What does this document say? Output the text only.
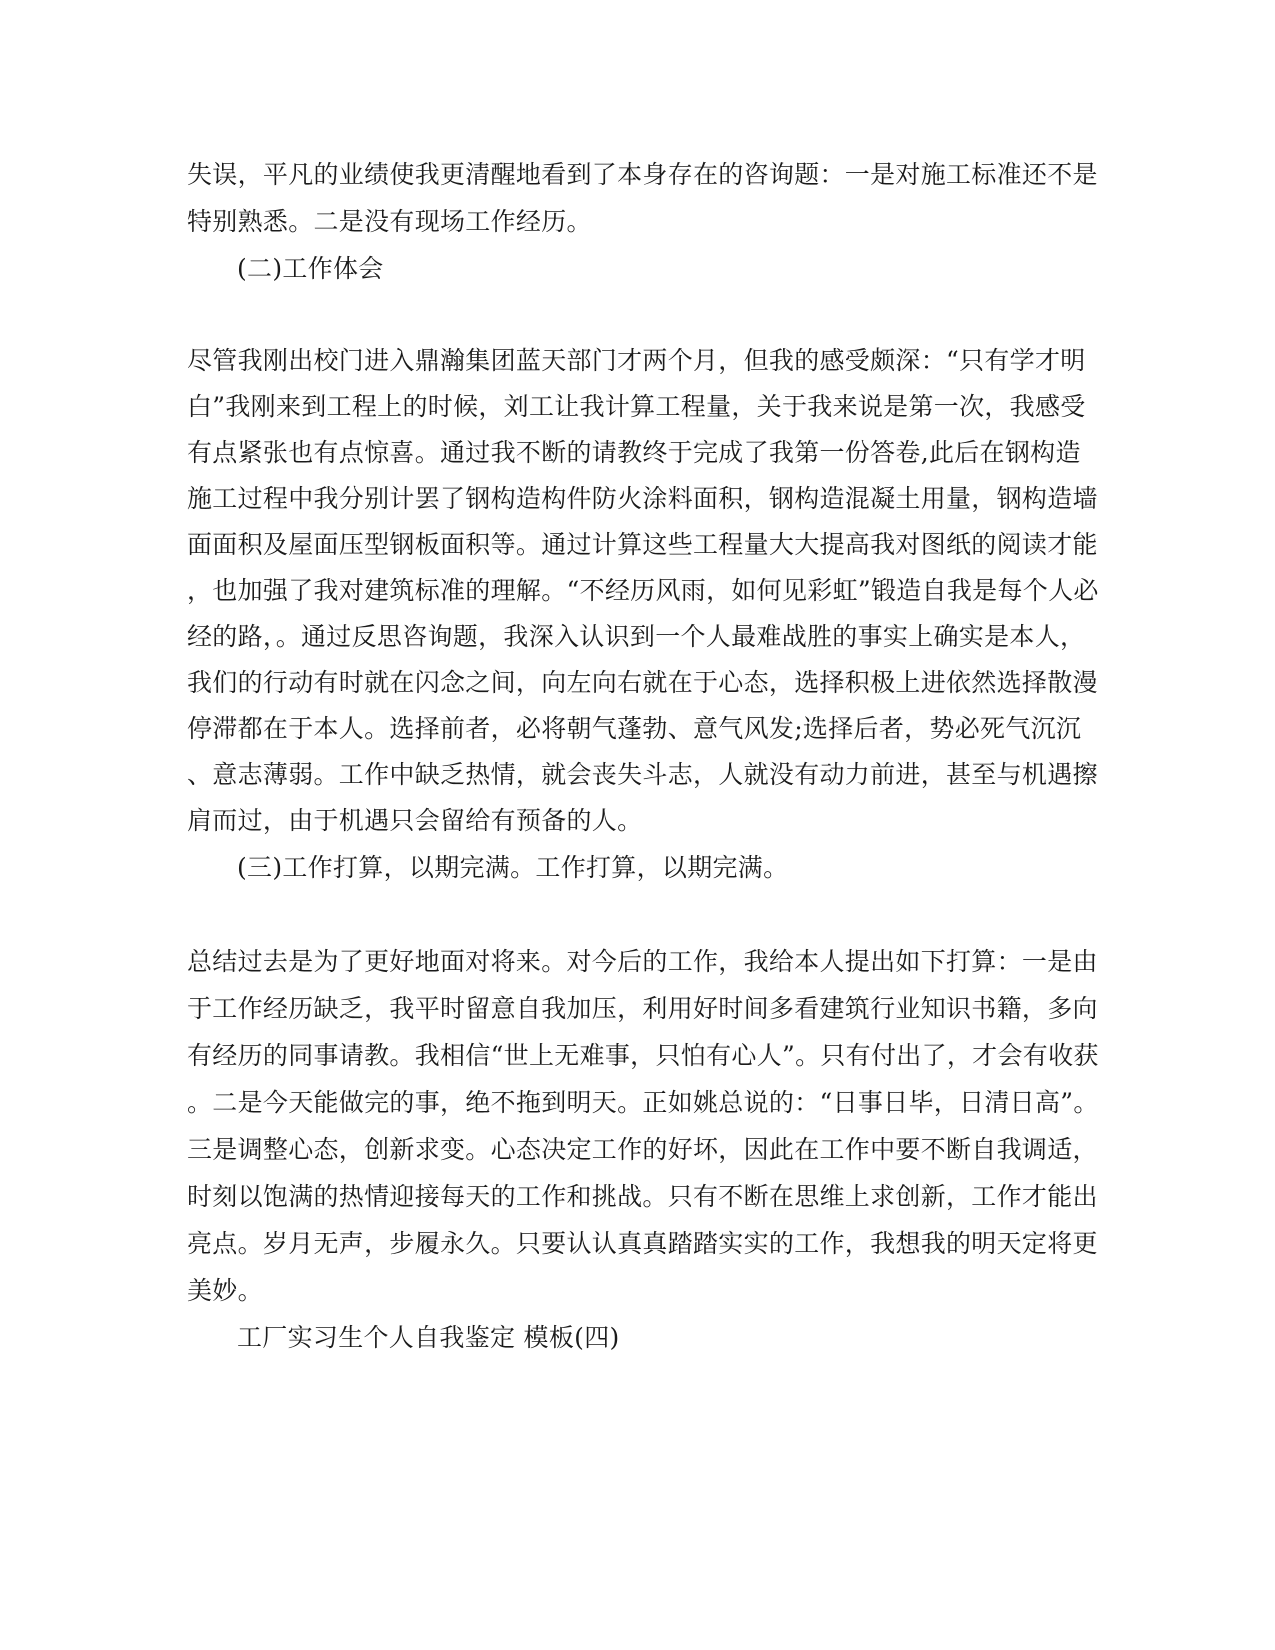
失误，平凡的业绩使我更清醒地看到了本身存在的咨询题：一是对施工标准还不是
特别熟悉。二是没有现场工作经历。
(二)工作体会
尽管我刚出校门进入鼎瀚集团蓝天部门才两个月，但我的感受颇深：“只有学才明
白”我刚来到工程上的时候，刘工让我计算工程量，关于我来说是第一次，我感受
有点紧张也有点惊喜。通过我不断的请教终于完成了我第一份答卷,此后在钢构造
施工过程中我分别计罢了钢构造构件防火涂料面积，钢构造混凝土用量，钢构造墙
面面积及屋面压型钢板面积等。通过计算这些工程量大大提高我对图纸的阅读才能
，也加强了我对建筑标准的理解。“不经历风雨，如何见彩虹”锻造自我是每个人必
经的路，。通过反思咨询题，我深入认识到一个人最难战胜的事实上确实是本人，
我们的行动有时就在闪念之间，向左向右就在于心态，选择积极上进依然选择散漫
停滞都在于本人。选择前者，必将朝气蓬勃、意气风发;选择后者，势必死气沉沉
、意志薄弱。工作中缺乏热情，就会丧失斗志，人就没有动力前进，甚至与机遇擦
肩而过，由于机遇只会留给有预备的人。
(三)工作打算，以期完满。工作打算，以期完满。
总结过去是为了更好地面对将来。对今后的工作，我给本人提出如下打算：一是由
于工作经历缺乏，我平时留意自我加压，利用好时间多看建筑行业知识书籍，多向
有经历的同事请教。我相信“世上无难事，只怕有心人”。只有付出了，才会有收获
。二是今天能做完的事，绝不拖到明天。正如姚总说的：“日事日毕，日清日高”。
三是调整心态，创新求变。心态决定工作的好坏，因此在工作中要不断自我调适，
时刻以饱满的热情迎接每天的工作和挑战。只有不断在思维上求创新，工作才能出
亮点。岁月无声，步履永久。只要认认真真踏踏实实的工作，我想我的明天定将更
美妙。
工厂实习生个人自我鉴定 模板(四)
